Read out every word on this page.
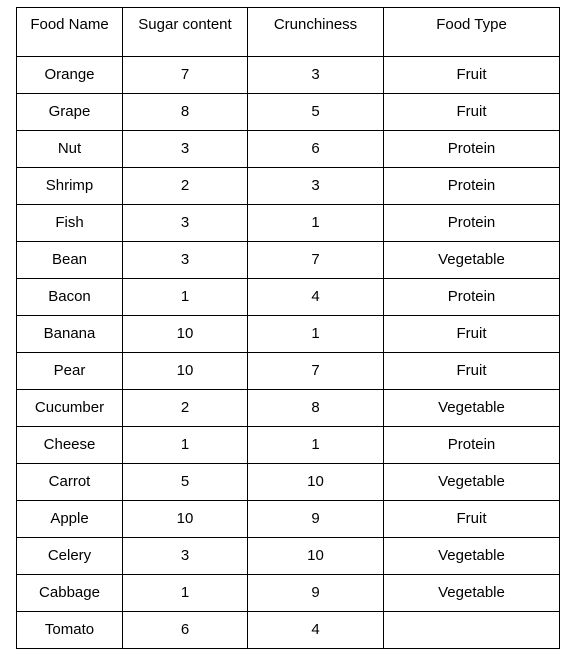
Food Name	Sugar content	Crunchiness	Food Type
Orange	7	3	Fruit
Grape	8	5	Fruit
Nut	3	6	Protein
Shrimp	2	3	Protein
Fish	3	1	Protein
Bean	3	7	Vegetable
Bacon	1	4	Protein
Banana	10	1	Fruit
Pear	10	7	Fruit
Cucumber	2	8	Vegetable
Cheese	1	1	Protein
Carrot	5	10	Vegetable
Apple	10	9	Fruit
Celery	3	10	Vegetable
Cabbage	1	9	Vegetable
Tomato	6	4	
